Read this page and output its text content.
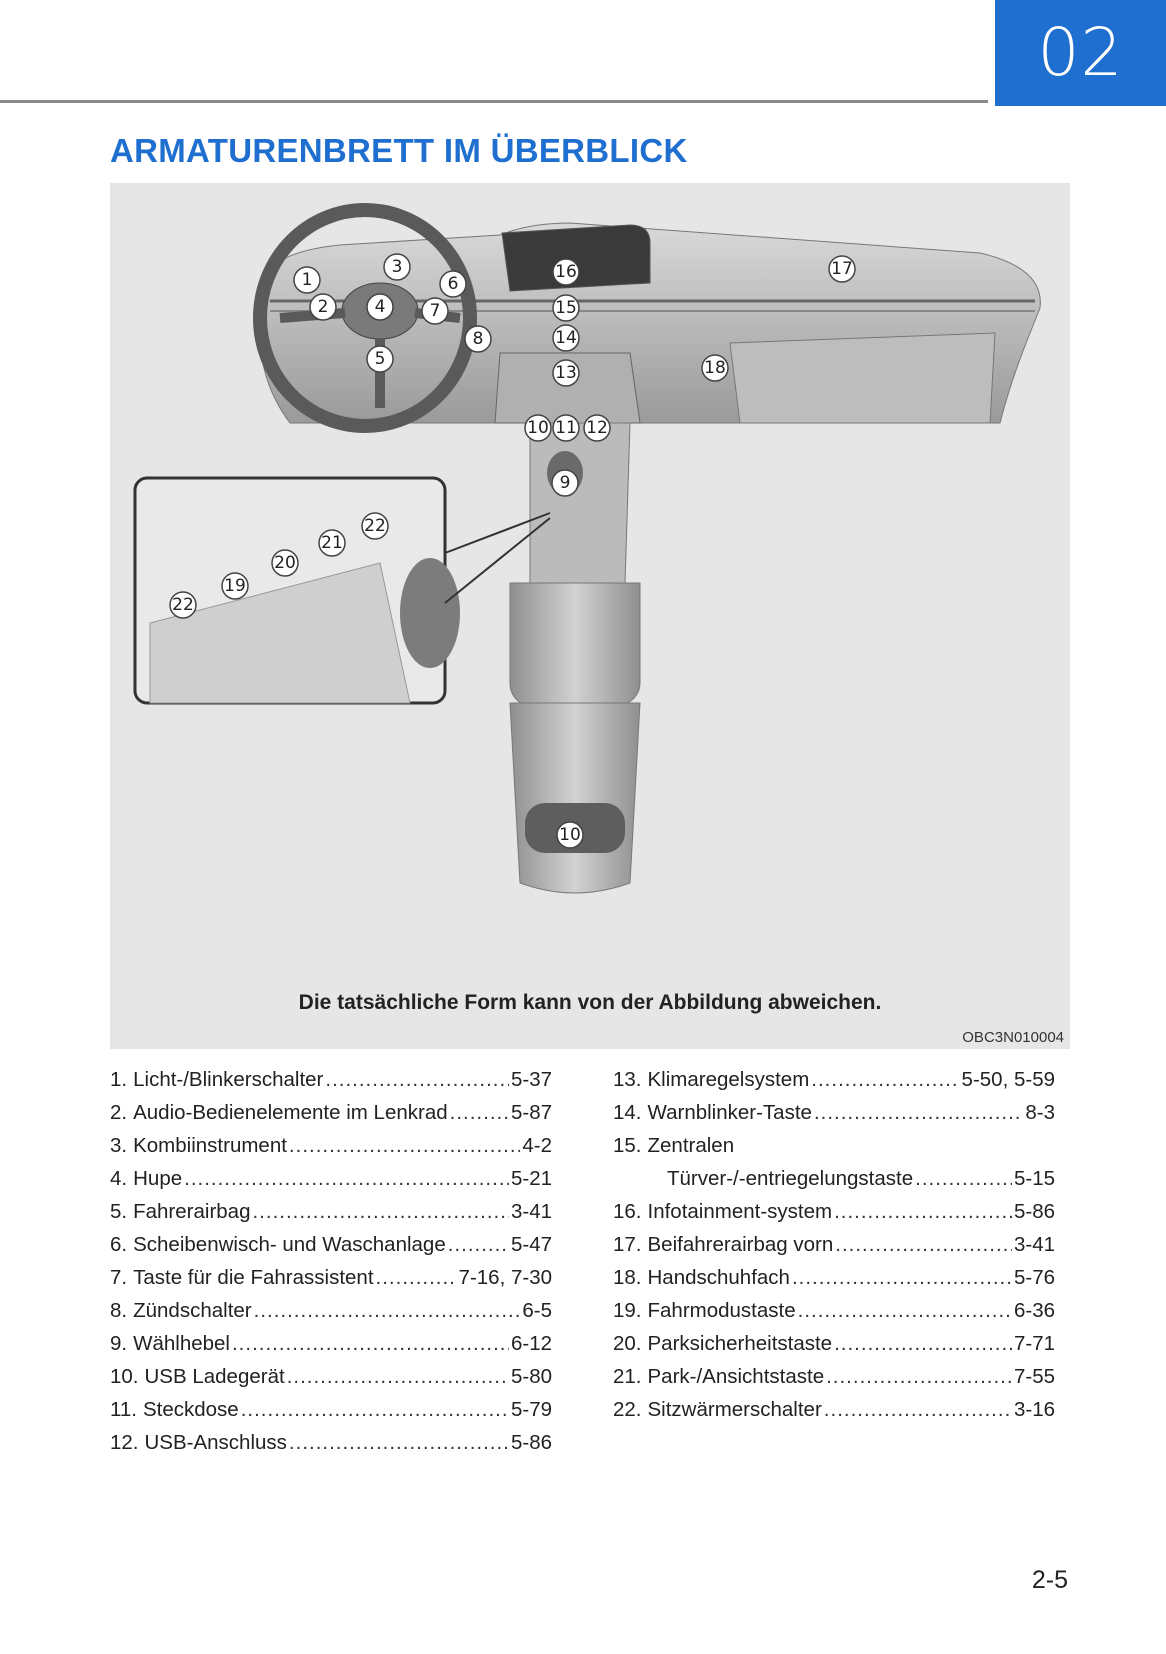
02
ARMATURENBRETT IM ÜBERBLICK
1
2
3
4
5
6
7
8
9
10 11 12
13
14
15
16	17
18
10
19
20
21
22
22
Die tatsächliche Form kann von der Abbildung abweichen.
OBC3N010004
1. Licht-/Blinkerschalter .....	5-37
2. Audio-Bedienelemente im Lenkrad .....	5-87
3. Kombiinstrument .....	4-2
4. Hupe .....	5-21
5. Fahrerairbag .....	3-41
6. Scheibenwisch- und Waschanlage .....	5-47
7. Taste für die Fahrassistent .....	7-16, 7-30
8. Zündschalter .....	6-5
9. Wählhebel .....	6-12
10. USB Ladegerät .....	5-80
11. Steckdose .....	5-79
12. USB-Anschluss .....	5-86
13. Klimaregelsystem .....	5-50, 5-59
14. Warnblinker-Taste .....	8-3
15. Zentralen
Türver-/-entriegelungstaste .....	5-15
16. Infotainment-system .....	5-86
17. Beifahrerairbag vorn .....	3-41
18. Handschuhfach .....	5-76
19. Fahrmodustaste .....	6-36
20. Parksicherheitstaste .....	7-71
21. Park-/Ansichtstaste .....	7-55
22. Sitzwärmerschalter .....	3-16
2-5
